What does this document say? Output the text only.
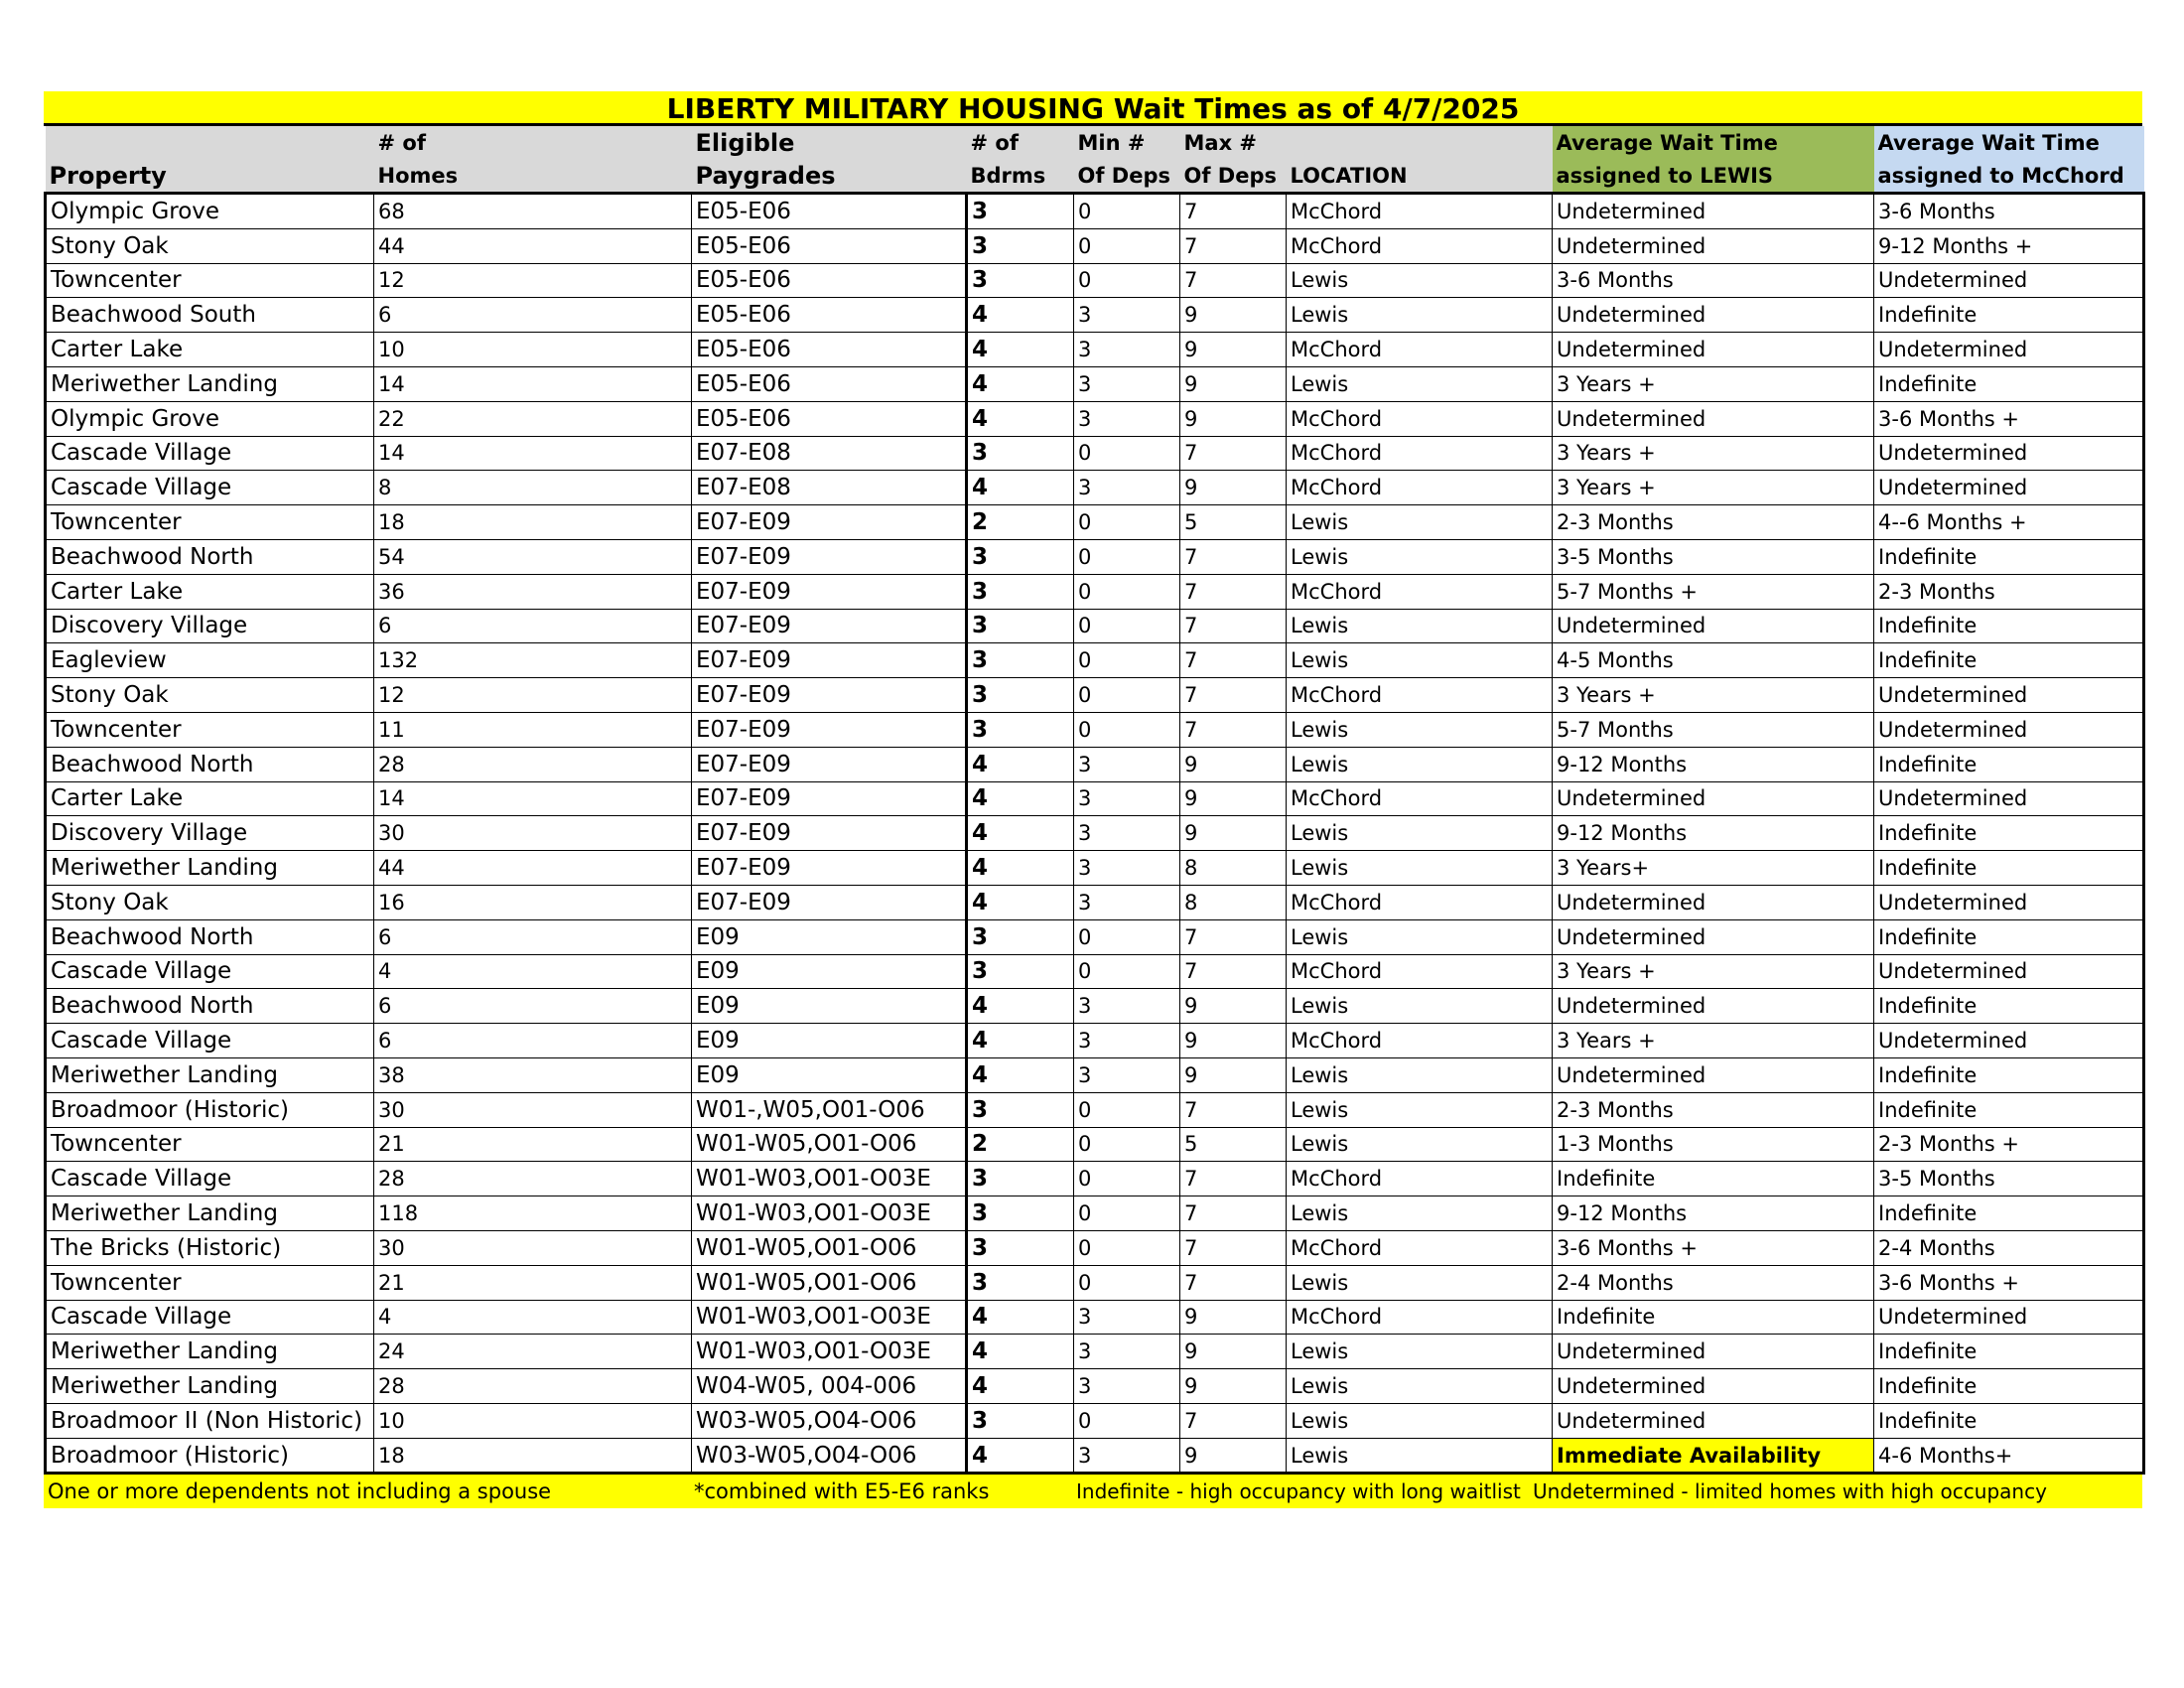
LIBERTY MILITARY HOUSING Wait Times as of 4/7/2025
	# of	Eligible	# of	Min #	Max #		Average Wait Time	Average Wait Time
Property	Homes	Paygrades	Bdrms	Of Deps	Of Deps	LOCATION	assigned to LEWIS	assigned to McChord
Olympic Grove	68	E05-E06	3	0	7	McChord	Undetermined	3-6 Months
Stony Oak	44	E05-E06	3	0	7	McChord	Undetermined	9-12 Months +
Towncenter	12	E05-E06	3	0	7	Lewis	3-6 Months	Undetermined
Beachwood South	6	E05-E06	4	3	9	Lewis	Undetermined	Indefinite
Carter Lake	10	E05-E06	4	3	9	McChord	Undetermined	Undetermined
Meriwether Landing	14	E05-E06	4	3	9	Lewis	3 Years +	Indefinite
Olympic Grove	22	E05-E06	4	3	9	McChord	Undetermined	3-6 Months +
Cascade Village	14	E07-E08	3	0	7	McChord	3 Years +	Undetermined
Cascade Village	8	E07-E08	4	3	9	McChord	3 Years +	Undetermined
Towncenter	18	E07-E09	2	0	5	Lewis	2-3 Months	4--6 Months +
Beachwood North	54	E07-E09	3	0	7	Lewis	3-5 Months	Indefinite
Carter Lake	36	E07-E09	3	0	7	McChord	5-7 Months +	2-3 Months
Discovery Village	6	E07-E09	3	0	7	Lewis	Undetermined	Indefinite
Eagleview	132	E07-E09	3	0	7	Lewis	4-5 Months	Indefinite
Stony Oak	12	E07-E09	3	0	7	McChord	3 Years +	Undetermined
Towncenter	11	E07-E09	3	0	7	Lewis	5-7 Months	Undetermined
Beachwood North	28	E07-E09	4	3	9	Lewis	9-12 Months	Indefinite
Carter Lake	14	E07-E09	4	3	9	McChord	Undetermined	Undetermined
Discovery Village	30	E07-E09	4	3	9	Lewis	9-12 Months	Indefinite
Meriwether Landing	44	E07-E09	4	3	8	Lewis	3 Years+	Indefinite
Stony Oak	16	E07-E09	4	3	8	McChord	Undetermined	Undetermined
Beachwood North	6	E09	3	0	7	Lewis	Undetermined	Indefinite
Cascade Village	4	E09	3	0	7	McChord	3 Years +	Undetermined
Beachwood North	6	E09	4	3	9	Lewis	Undetermined	Indefinite
Cascade Village	6	E09	4	3	9	McChord	3 Years +	Undetermined
Meriwether Landing	38	E09	4	3	9	Lewis	Undetermined	Indefinite
Broadmoor (Historic)	30	W01-,W05,O01-O06	3	0	7	Lewis	2-3 Months	Indefinite
Towncenter	21	W01-W05,O01-O06	2	0	5	Lewis	1-3 Months	2-3 Months +
Cascade Village	28	W01-W03,O01-O03E	3	0	7	McChord	Indefinite	3-5 Months
Meriwether Landing	118	W01-W03,O01-O03E	3	0	7	Lewis	9-12 Months	Indefinite
The Bricks (Historic)	30	W01-W05,O01-O06	3	0	7	McChord	3-6 Months +	2-4 Months
Towncenter	21	W01-W05,O01-O06	3	0	7	Lewis	2-4 Months	3-6 Months +
Cascade Village	4	W01-W03,O01-O03E	4	3	9	McChord	Indefinite	Undetermined
Meriwether Landing	24	W01-W03,O01-O03E	4	3	9	Lewis	Undetermined	Indefinite
Meriwether Landing	28	W04-W05, 004-006	4	3	9	Lewis	Undetermined	Indefinite
Broadmoor II (Non Historic)	10	W03-W05,O04-O06	3	0	7	Lewis	Undetermined	Indefinite
Broadmoor (Historic)	18	W03-W05,O04-O06	4	3	9	Lewis	Immediate Availability	4-6 Months+
One or more dependents not including a spouse	*combined with E5-E6 ranks	Indefinite - high occupancy with long waitlist Undetermined - limited homes with high occupancy
